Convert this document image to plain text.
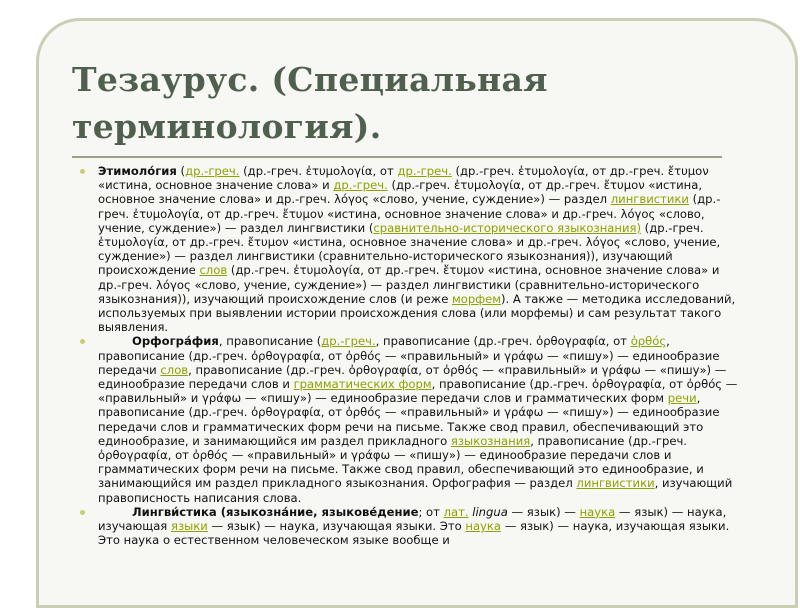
Тезаурус. (Специальная терминология).
Этимоло́гия (др.-греч. (др.-греч. ἐτυμολογία, от др.-греч. (др.-греч. ἐτυμολογία, от др.-греч. ἔτυμον «истина, основное значение слова» и др.-греч. (др.-греч. ἐτυμολογία, от др.-греч. ἔτυμον «истина, основное значение слова» и др.-греч. λόγος «слово, учение, суждение») — раздел лингвистики (др.-греч. ἐτυμολογία, от др.-греч. ἔτυμον «истина, основное значение слова» и др.-греч. λόγος «слово, учение, суждение») — раздел лингвистики (сравнительно-исторического языкознания) (др.-греч. ἐτυμολογία, от др.-греч. ἔτυμον «истина, основное значение слова» и др.-греч. λόγος «слово, учение, суждение») — раздел лингвистики (сравнительно-исторического языкознания)), изучающий происхождение слов (др.-греч. ἐτυμολογία, от др.-греч. ἔτυμον «истина, основное значение слова» и др.-греч. λόγος «слово, учение, суждение») — раздел лингвистики (сравнительно-исторического языкознания)), изучающий происхождение слов (и реже морфем). А также — методика исследований, используемых при выявлении истории происхождения слова (или морфемы) и сам результат такого выявления.
Орфогра́фия, правописание (др.-греч., правописание (др.-греч. ὀρθογραφία, от ὀρθός, правописание (др.-греч. ὀρθογραφία, от ὀρθός — «правильный» и γράφω — «пишу») — единообразие передачи слов, правописание (др.-греч. ὀρθογραφία, от ὀρθός — «правильный» и γράφω — «пишу») — единообразие передачи слов и грамматических форм, правописание (др.-греч. ὀρθογραφία, от ὀρθός — «правильный» и γράφω — «пишу») — единообразие передачи слов и грамматических форм речи, правописание (др.-греч. ὀρθογραφία, от ὀρθός — «правильный» и γράφω — «пишу») — единообразие передачи слов и грамматических форм речи на письме. Также свод правил, обеспечивающий это единообразие, и занимающийся им раздел прикладного языкознания, правописание (др.-греч. ὀρθογραφία, от ὀρθός — «правильный» и γράφω — «пишу») — единообразие передачи слов и грамматических форм речи на письме. Также свод правил, обеспечивающий это единообразие, и занимающийся им раздел прикладного языкознания. Орфография — раздел лингвистики, изучающий правописность написания слова.
Лингви́стика (языкозна́ние, языкове́дение; от лат. lingua — язык) — наука — язык) — наука, изучающая языки — язык) — наука, изучающая языки. Это наука — язык) — наука, изучающая языки. Это наука о естественном человеческом языке вообще и
